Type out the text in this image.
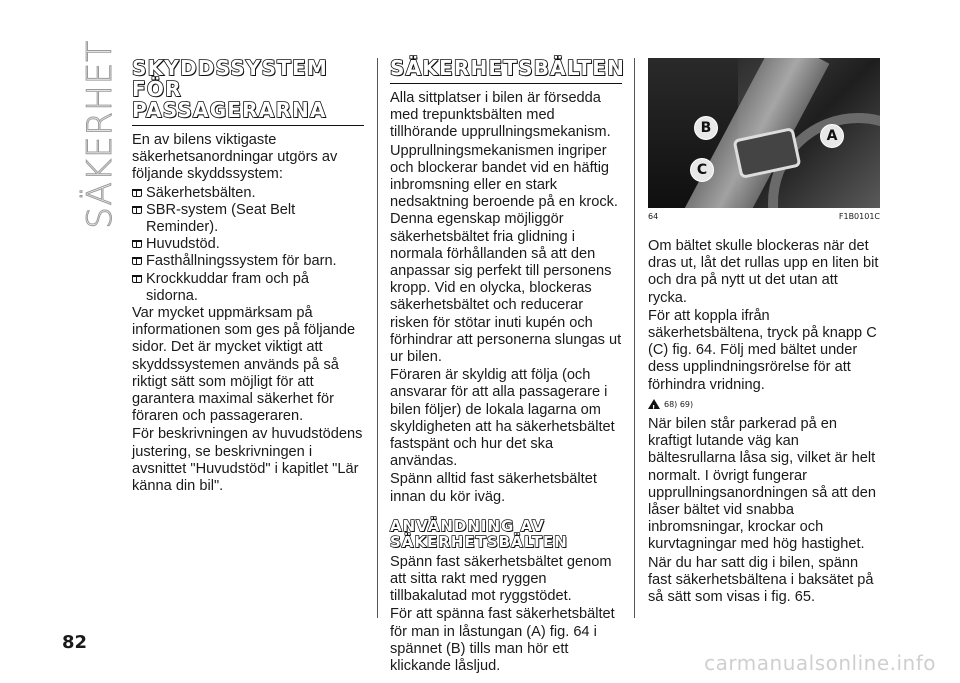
SÄKERHET SKYDDSSYSTEM
FÖR
PASSAGERARNA

En av bilens viktigaste säkerhetsanordningar utgörs av följande skyddssystem:

Säkerhetsbälten.
SBR-system (Seat Belt Reminder).
Huvudstöd.
Fasthållningssystem för barn.
Krockkuddar fram och på sidorna.

Var mycket uppmärksam på informationen som ges på följande sidor. Det är mycket viktigt att skyddssystemen används på så riktigt sätt som möjligt för att garantera maximal säkerhet för föraren och passageraren.

För beskrivningen av huvudstödens justering, se beskrivningen i avsnittet "Huvudstöd" i kapitlet "Lär känna din bil".

SÄKERHETSBÄLTEN

Alla sittplatser i bilen är försedda med trepunktsbälten med tillhörande upprullningsmekanism.

Upprullningsmekanismen ingriper och blockerar bandet vid en häftig inbromsning eller en stark nedsaktning beroende på en krock. Denna egenskap möjliggör säkerhetsbältet fria glidning i normala förhållanden så att den anpassar sig perfekt till personens kropp. Vid en olycka, blockeras säkerhetsbältet och reducerar risken för stötar inuti kupén och förhindrar att personerna slungas ut ur bilen.

Föraren är skyldig att följa (och ansvarar för att alla passagerare i bilen följer) de lokala lagarna om skyldigheten att ha säkerhetsbältet fastspänt och hur det ska användas.

Spänn alltid fast säkerhetsbältet innan du kör iväg.

ANVÄNDNING AV
SÄKERHETSBÄLTEN

Spänn fast säkerhetsbältet genom att sitta rakt med ryggen tillbakalutad mot ryggstödet.

För att spänna fast säkerhetsbältet för man in låstungan (A) fig. 64 i spännet (B) tills man hör ett klickande låsljud.

B	A
C
64	F1B0101C

Om bältet skulle blockeras när det dras ut, låt det rullas upp en liten bit och dra på nytt ut det utan att rycka.

För att koppla ifrån säkerhetsbältena, tryck på knapp C (C) fig. 64. Följ med bältet under dess upplindningsrörelse för att förhindra vridning.

!
68) 69)

När bilen står parkerad på en kraftigt lutande väg kan bältesrullarna låsa sig, vilket är helt normalt. I övrigt fungerar upprullningsanordningen så att den låser bältet vid snabba inbromsningar, krockar och kurvtagningar med hög hastighet.

När du har satt dig i bilen, spänn fast säkerhetsbältena i baksätet på så sätt som visas i fig. 65.

82
carmanualsonline.info
